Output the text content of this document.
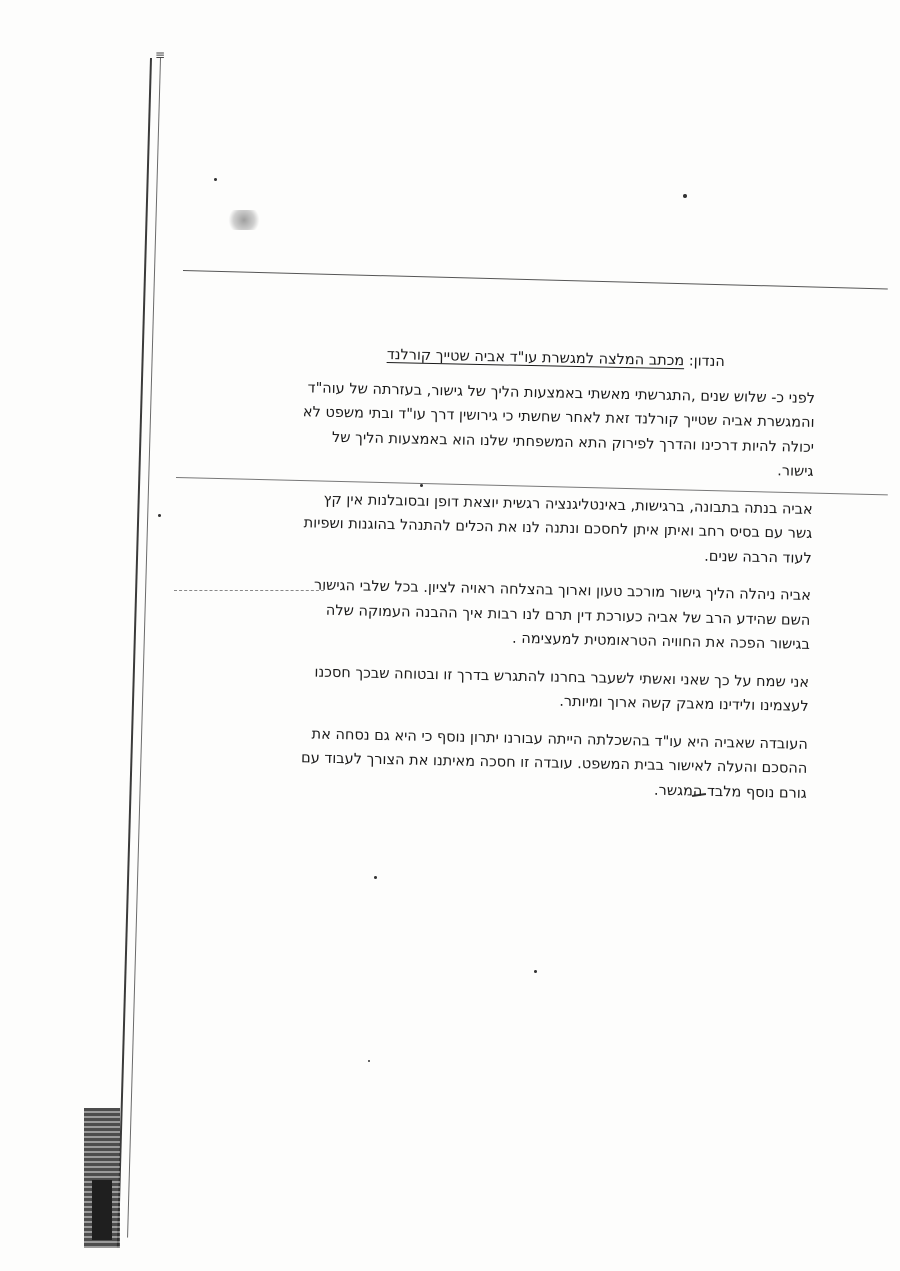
≡
הנדון: מכתב המלצה למגשרת עו"ד אביה שטייך קורלנד

לפני כ- שלוש שנים ,התגרשתי מאשתי באמצעות הליך של גישור, בעזרתה של עוה"ד

והמגשרת אביה שטייך קורלנד זאת לאחר שחשתי כי גירושין דרך עו"ד ובתי משפט לא

יכולה להיות דרכינו והדרך לפירוק התא המשפחתי שלנו הוא באמצעות הליך של

גישור.

אביה בנתה בתבונה, ברגישות, באינטליגנציה רגשית יוצאת דופן ובסובלנות אין קץ

גשר עם בסיס רחב ואיתן איתן לחסכם ונתנה לנו את הכלים להתנהל בהוגנות ושפיות

לעוד הרבה שנים.

אביה ניהלה הליך גישור מורכב טעון וארוך בהצלחה ראויה לציון. בכל שלבי הגישור

השם שהידע הרב של אביה כעורכת דין תרם לנו רבות איך ההבנה העמוקה שלה

בגישור הפכה את החוויה הטראומטית למעצימה .

אני שמח על כך שאני ואשתי לשעבר בחרנו להתגרש בדרך זו ובטוחה שבכך חסכנו

לעצמינו ולידינו מאבק קשה ארוך ומיותר.

העובדה שאביה היא עו"ד בהשכלתה הייתה עבורנו יתרון נוסף כי היא גם נסחה את

ההסכם והעלה לאישור בבית המשפט. עובדה זו חסכה מאיתנו את הצורך לעבוד עם

גורם נוסף מלבד המגשר.
